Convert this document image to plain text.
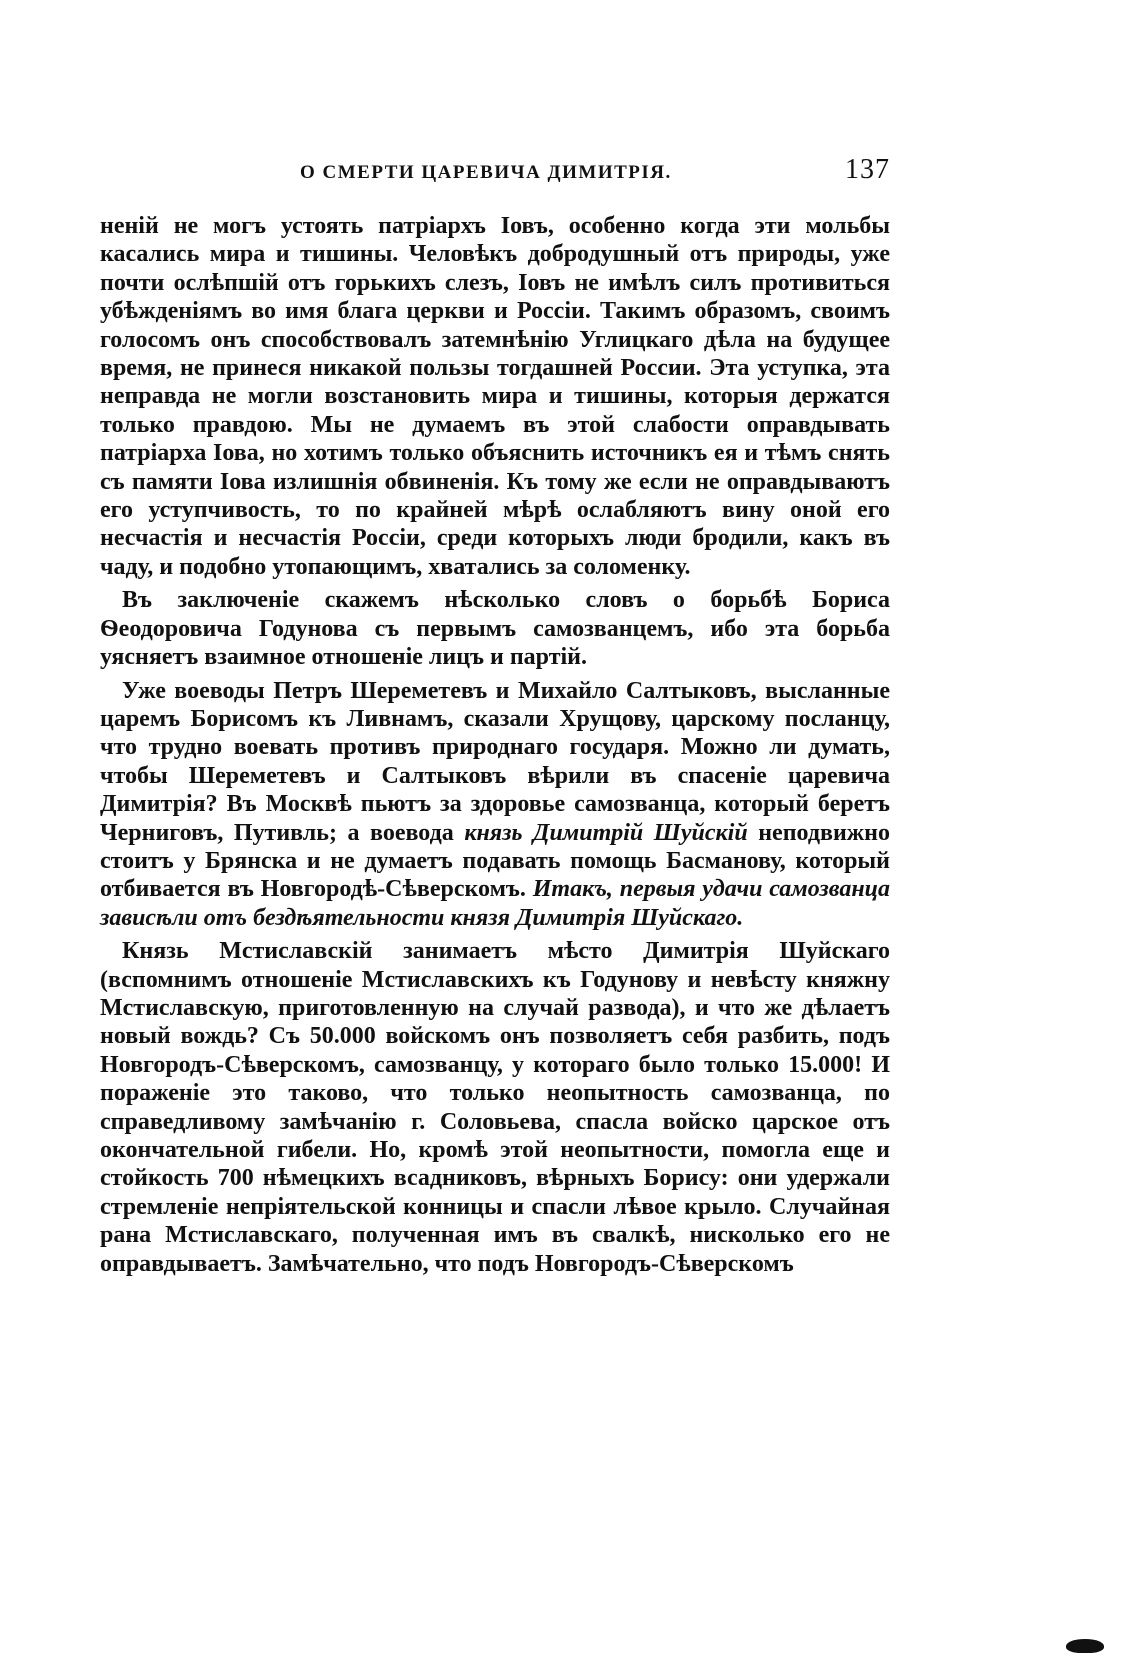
О СМЕРТИ ЦАРЕВИЧА ДИМИТРІЯ.	137

ненiй не могъ устоять патріархъ Іовъ, особенно когда эти мольбы касались мира и тишины. Человѣкъ добродушный отъ природы, уже почти ослѣпшій отъ горькихъ слезъ, Іовъ не имѣлъ силъ противиться убѣжденіямъ во имя блага церкви и Россіи. Такимъ образомъ, своимъ голосомъ онъ способствовалъ затемнѣнію Углицкаго дѣла на будущее время, не принеся никакой пользы тогдашней России. Эта уступка, эта неправда не могли возстановить мира и тишины, которыя держатся только правдою. Мы не думаемъ въ этой слабости оправдывать патріарха Іова, но хотимъ только объяснить источникъ ея и тѣмъ снять съ памяти Іова излишнія обвиненія. Къ тому же если не оправдываютъ его уступчивость, то по крайней мѣрѣ ослабляютъ вину оной его несчастія и несчастія Россіи, среди которыхъ люди бродили, какъ въ чаду, и подобно утопающимъ, хватались за соломенку.

Въ заключеніе скажемъ нѣсколько словъ о борьбѣ Бориса Ѳеодоровича Годунова съ первымъ самозванцемъ, ибо эта борьба уясняетъ взаимное отношеніе лицъ и партій.

Уже воеводы Петръ Шереметевъ и Михайло Салтыковъ, высланные царемъ Борисомъ къ Ливнамъ, сказали Хрущову, царскому посланцу, что трудно воевать противъ природнаго государя. Можно ли думать, чтобы Шереметевъ и Салтыковъ вѣрили въ спасеніе царевича Димитрія? Въ Москвѣ пьютъ за здоровье самозванца, который беретъ Черниговъ, Путивль; а воевода князь Димитрій Шуйскій неподвижно стоитъ у Брянска и не думаетъ подавать помощь Басманову, который отбивается въ Новгородѣ-Сѣверскомъ. Итакъ, первыя удачи самозванца зависѣли отъ бездѣятельности князя Димитрія Шуйскаго.

Князь Мстиславскій занимаетъ мѣсто Димитрія Шуйскаго (вспомнимъ отношеніе Мстиславскихъ къ Годунову и невѣсту княжну Мстиславскую, приготовленную на случай развода), и что же дѣлаетъ новый вождь? Съ 50.000 войскомъ онъ позволяетъ себя разбить, подъ Новгородъ-Сѣверскомъ, самозванцу, у котораго было только 15.000! И пораженіе это таково, что только неопытность самозванца, по справедливому замѣчанію г. Соловьева, спасла войско царское отъ окончательной гибели. Но, кромѣ этой неопытности, помогла еще и стойкость 700 нѣмецкихъ всадниковъ, вѣрныхъ Борису: они удержали стремленіе непріятельской конницы и спасли лѣвое крыло. Случайная рана Мстиславскаго, полученная имъ въ свалкѣ, нисколько его не оправдываетъ. Замѣчательно, что подъ Новгородъ-Сѣверскомъ
